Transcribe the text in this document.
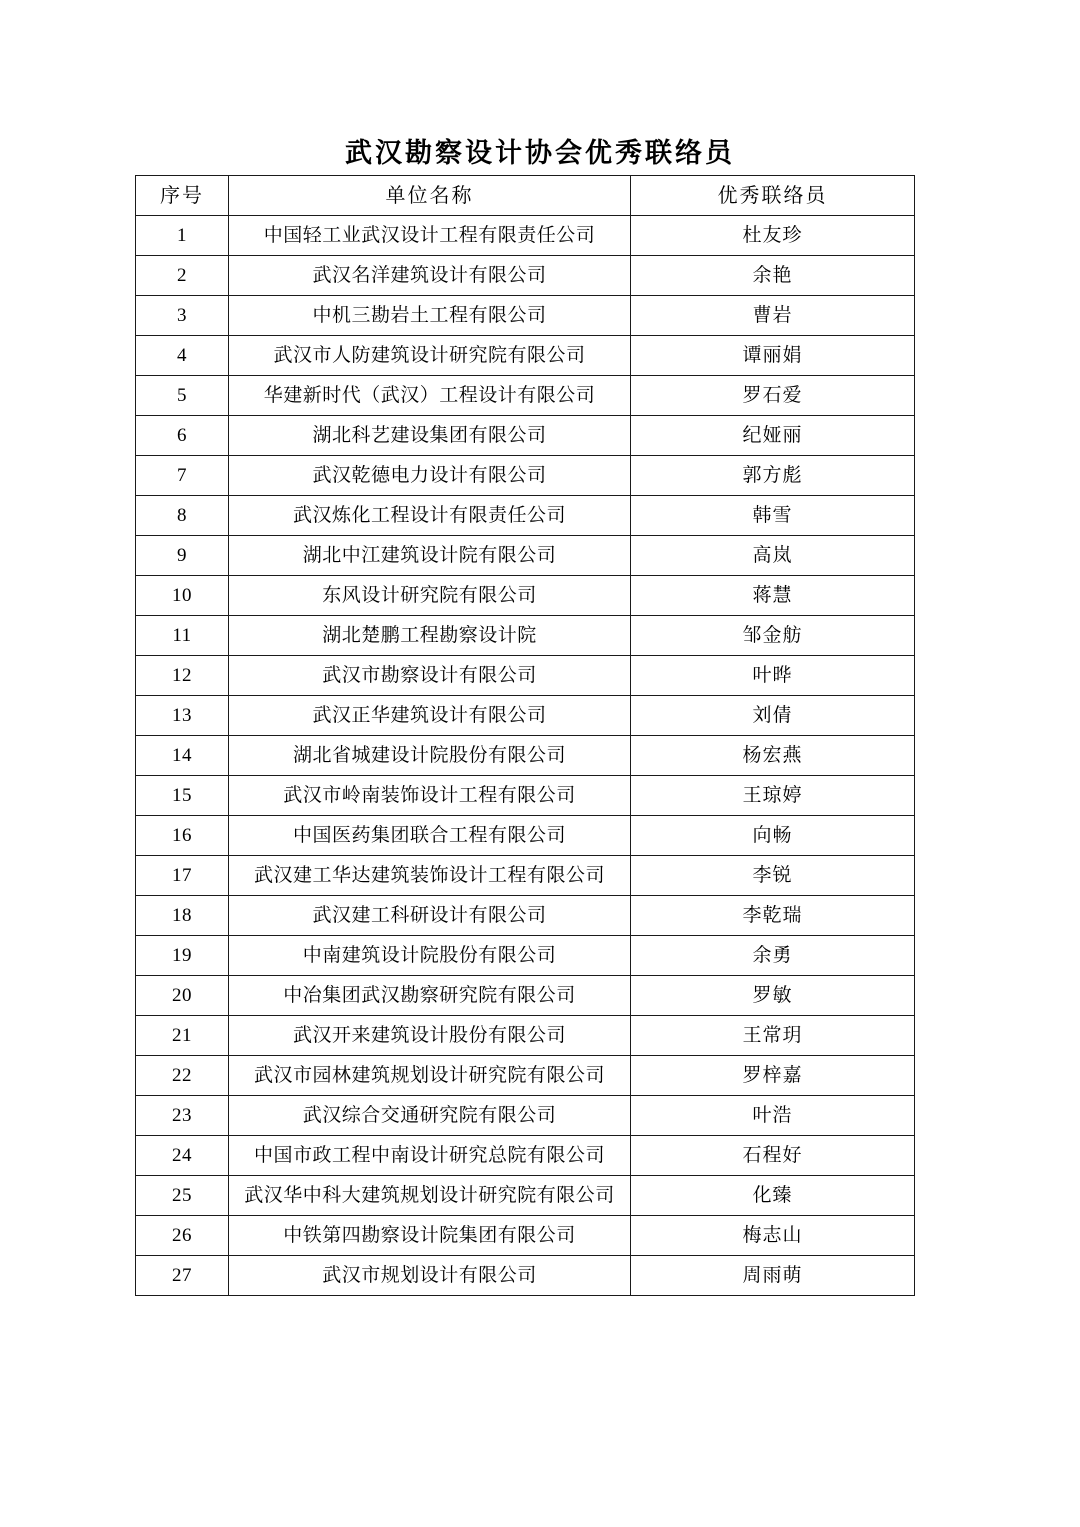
武汉勘察设计协会优秀联络员
序号	单位名称	优秀联络员
1	中国轻工业武汉设计工程有限责任公司	杜友珍
2	武汉名洋建筑设计有限公司	余艳
3	中机三勘岩土工程有限公司	曹岩
4	武汉市人防建筑设计研究院有限公司	谭丽娟
5	华建新时代（武汉）工程设计有限公司	罗石爱
6	湖北科艺建设集团有限公司	纪娅丽
7	武汉乾德电力设计有限公司	郭方彪
8	武汉炼化工程设计有限责任公司	韩雪
9	湖北中江建筑设计院有限公司	高岚
10	东风设计研究院有限公司	蒋慧
11	湖北楚鹏工程勘察设计院	邹金舫
12	武汉市勘察设计有限公司	叶晔
13	武汉正华建筑设计有限公司	刘倩
14	湖北省城建设计院股份有限公司	杨宏燕
15	武汉市岭南装饰设计工程有限公司	王琼婷
16	中国医药集团联合工程有限公司	向畅
17	武汉建工华达建筑装饰设计工程有限公司	李锐
18	武汉建工科研设计有限公司	李乾瑞
19	中南建筑设计院股份有限公司	余勇
20	中冶集团武汉勘察研究院有限公司	罗敏
21	武汉开来建筑设计股份有限公司	王常玥
22	武汉市园林建筑规划设计研究院有限公司	罗梓嘉
23	武汉综合交通研究院有限公司	叶浩
24	中国市政工程中南设计研究总院有限公司	石程好
25	武汉华中科大建筑规划设计研究院有限公司	化臻
26	中铁第四勘察设计院集团有限公司	梅志山
27	武汉市规划设计有限公司	周雨萌
